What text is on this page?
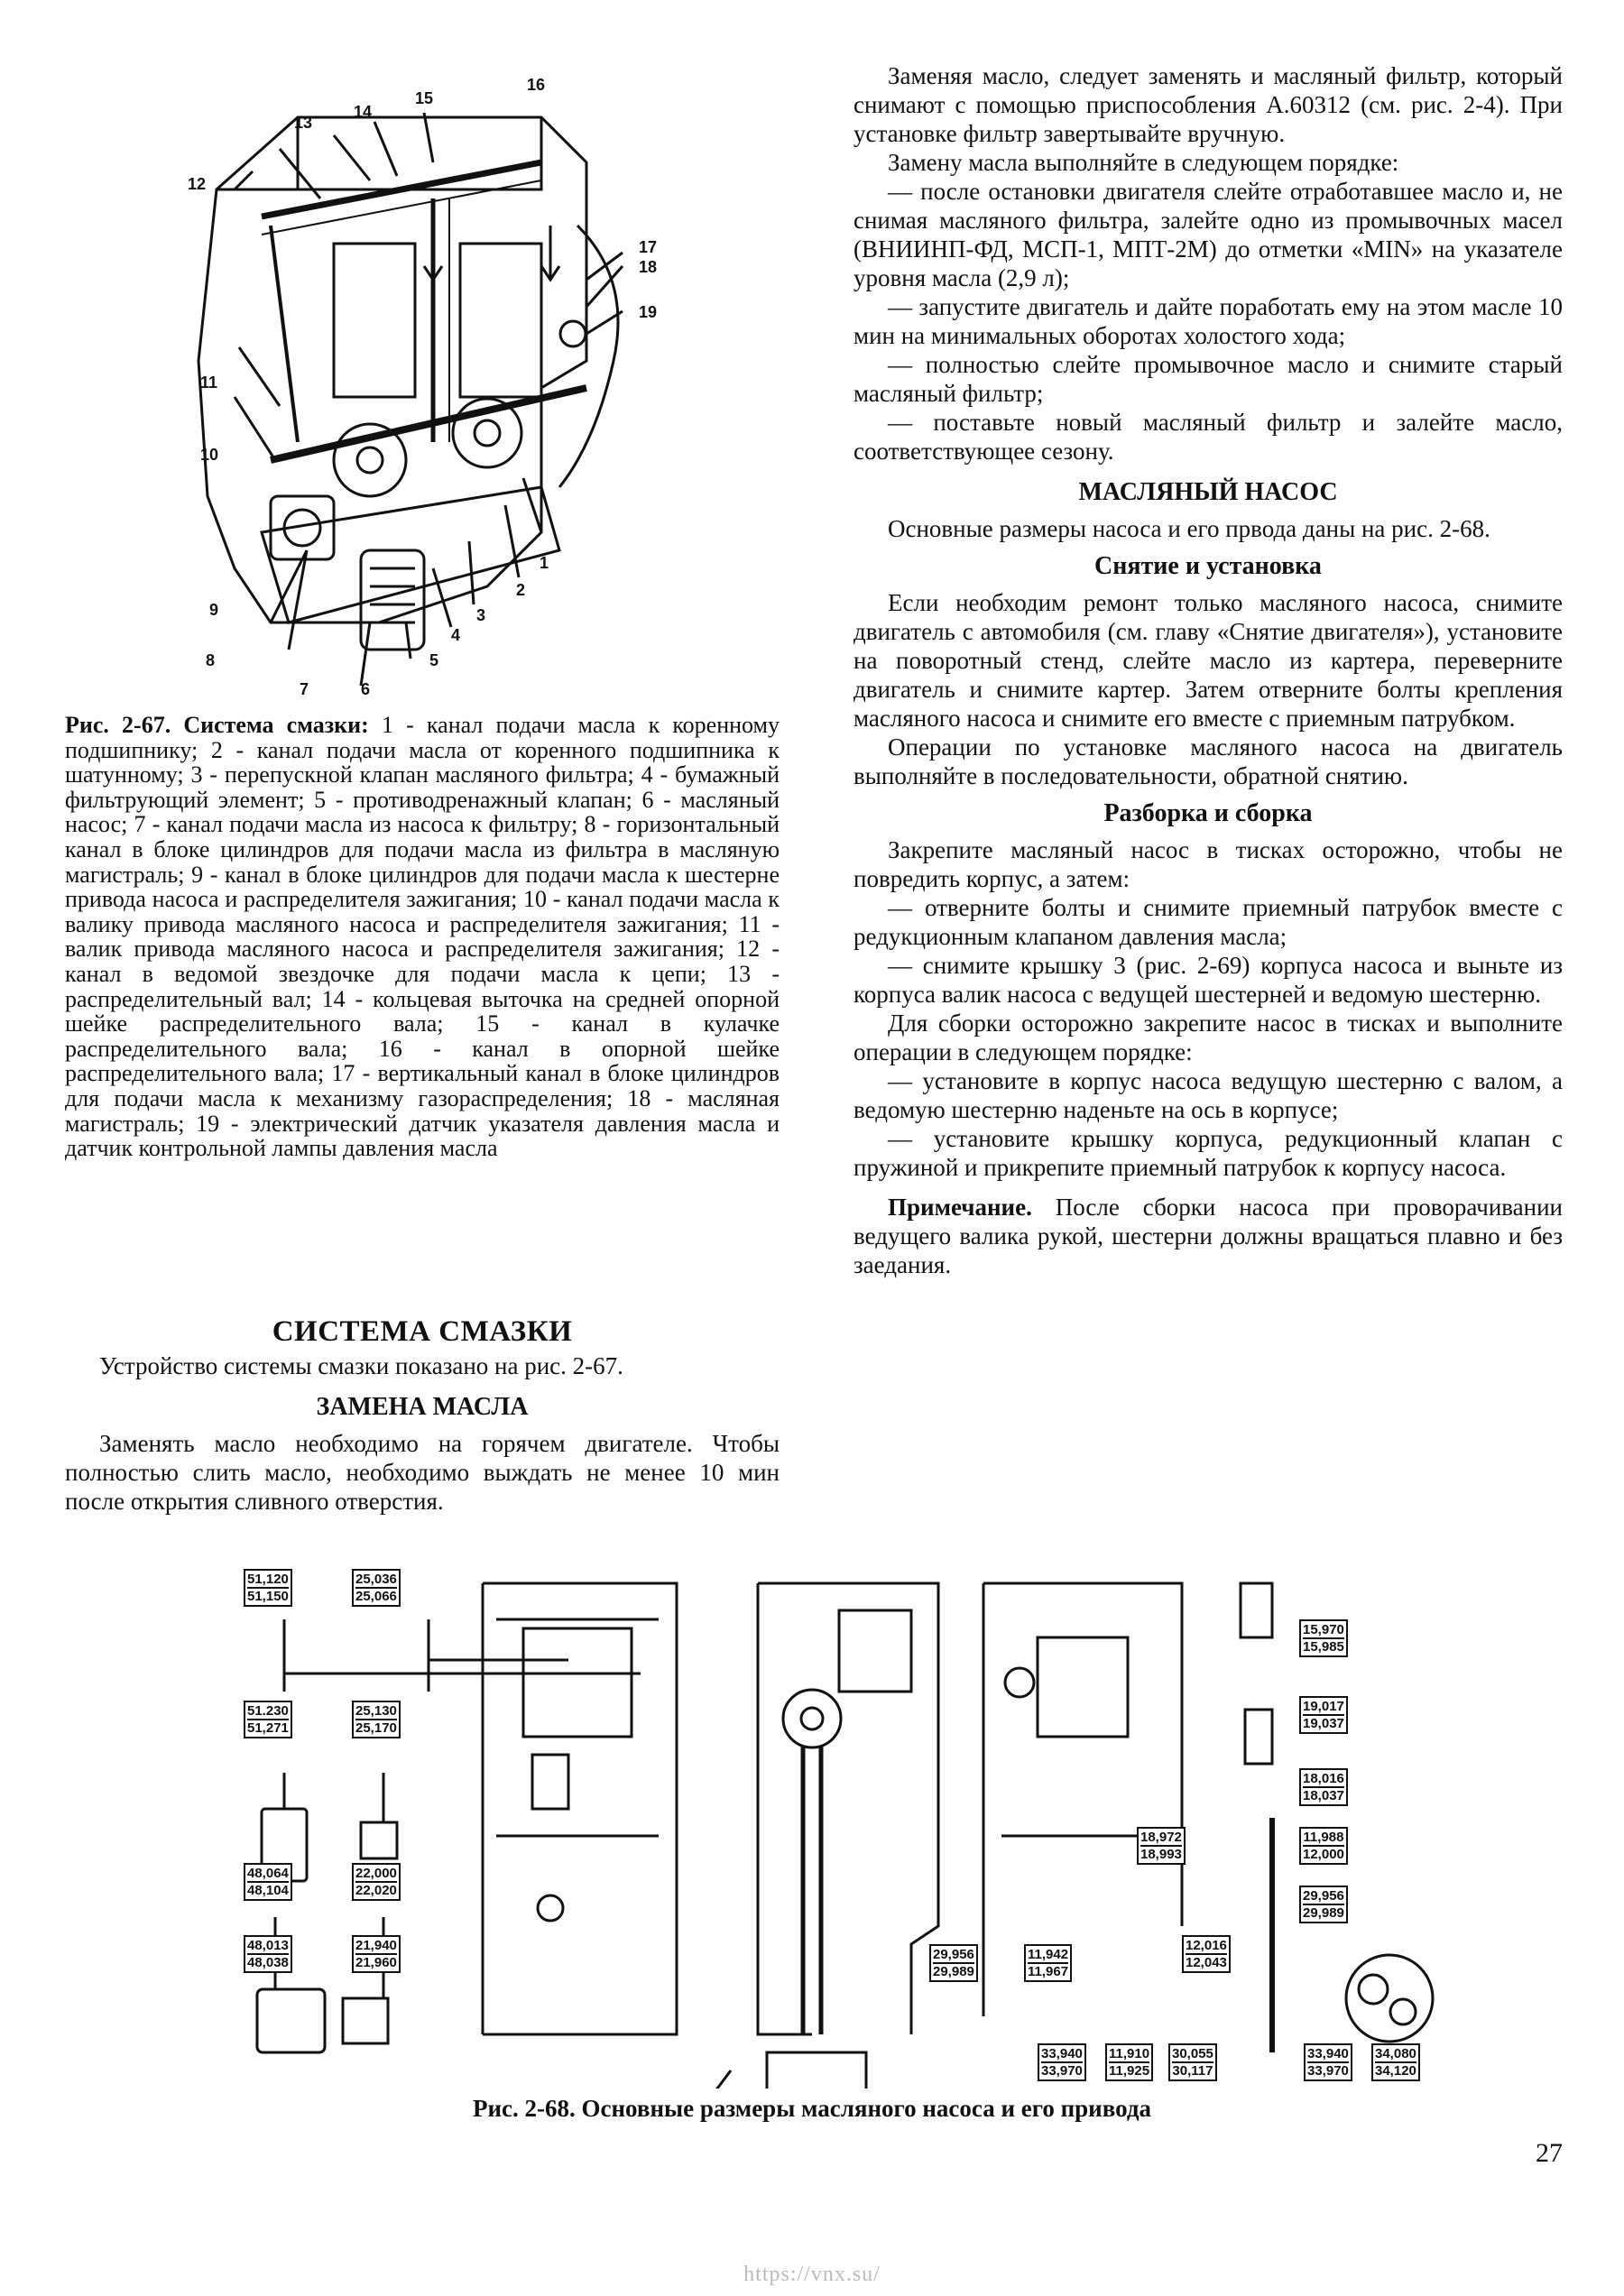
1
2
3
4
5
6
7
8
9
10
11
12
13
14
15
16
17
18
19
Рис. 2-67. Система смазки: 1 - канал подачи масла к коренному подшипнику; 2 - канал подачи масла от коренного подшипника к шатунному; 3 - перепускной клапан масляного фильтра; 4 - бумажный фильтрующий элемент; 5 - противодренажный клапан; 6 - масляный насос; 7 - канал подачи масла из насоса к фильтру; 8 - горизонтальный канал в блоке цилиндров для подачи масла из фильтра в масляную магистраль; 9 - канал в блоке цилиндров для подачи масла к шестерне привода насоса и распределителя зажигания; 10 - канал подачи масла к валику привода масляного насоса и распределителя зажигания; 11 - валик привода масляного насоса и распределителя зажигания; 12 - канал в ведомой звездочке для подачи масла к цепи; 13 - распределительный вал; 14 - кольцевая выточка на средней опорной шейке распределительного вала; 15 - канал в кулачке распределительного вала; 16 - канал в опорной шейке распределительного вала; 17 - вертикальный канал в блоке цилиндров для подачи масла к механизму газораспределения; 18 - масляная магистраль; 19 - электрический датчик указателя давления масла и датчик контрольной лампы давления масла
СИСТЕМА СМАЗКИ

Устройство системы смазки показано на рис. 2-67.

ЗАМЕНА МАСЛА

Заменять масло необходимо на горячем двигателе. Чтобы полностью слить масло, необходимо выждать не менее 10 мин после открытия сливного отверстия.

Заменяя масло, следует заменять и масляный фильтр, который снимают с помощью приспособления А.60312 (см. рис. 2-4). При установке фильтр завертывайте вручную.

Замену масла выполняйте в следующем порядке:

— после остановки двигателя слейте отработавшее масло и, не снимая масляного фильтра, залейте одно из промывочных масел (ВНИИНП-ФД, МСП-1, МПТ-2М) до отметки «MIN» на указателе уровня масла (2,9 л);

— запустите двигатель и дайте поработать ему на этом масле 10 мин на минимальных оборотах холостого хода;

— полностью слейте промывочное масло и снимите старый масляный фильтр;

— поставьте новый масляный фильтр и залейте масло, соответствующее сезону.

МАСЛЯНЫЙ НАСОС

Основные размеры насоса и его првода даны на рис. 2-68.

Снятие и установка

Если необходим ремонт только масляного насоса, снимите двигатель с автомобиля (см. главу «Снятие двигателя»), установите на поворотный стенд, слейте масло из картера, переверните двигатель и снимите картер. Затем отверните болты крепления масляного насоса и снимите его вместе с приемным патрубком.

Операции по установке масляного насоса на двигатель выполняйте в последовательности, обратной снятию.

Разборка и сборка

Закрепите масляный насос в тисках осторожно, чтобы не повредить корпус, а затем:

— отверните болты и снимите приемный патрубок вместе с редукционным клапаном давления масла;

— снимите крышку 3 (рис. 2-69) корпуса насоса и выньте из корпуса валик насоса с ведущей шестерней и ведомую шестерню.

Для сборки осторожно закрепите насос в тисках и выполните операции в следующем порядке:

— установите в корпус насоса ведущую шестерню с валом, а ведомую шестерню наденьте на ось в корпусе;

— установите крышку корпуса, редукционный клапан с пружиной и прикрепите приемный патрубок к корпусу насоса.

Примечание. После сборки насоса при проворачивании ведущего валика рукой, шестерни должны вращаться плавно и без заедания.

51,120
51,150
25,036
25,066
51.230
51,271
25,130
25,170
48,064
48,104
22,000
22,020
48,013
48,038
21,940
21,960
15,970
15,985
19,017
19,037
18,016
18,037
11,988
12,000
18,972
18,993
29,956
29,989
29,956
29,989
11,942
11,967
12,016
12,043
33,940
33,970
11,910
11,925
30,055
30,117
33,940
33,970
34,080
34,120
Рис. 2-68. Основные размеры масляного насоса и его привода
27
https://vnx.su/
